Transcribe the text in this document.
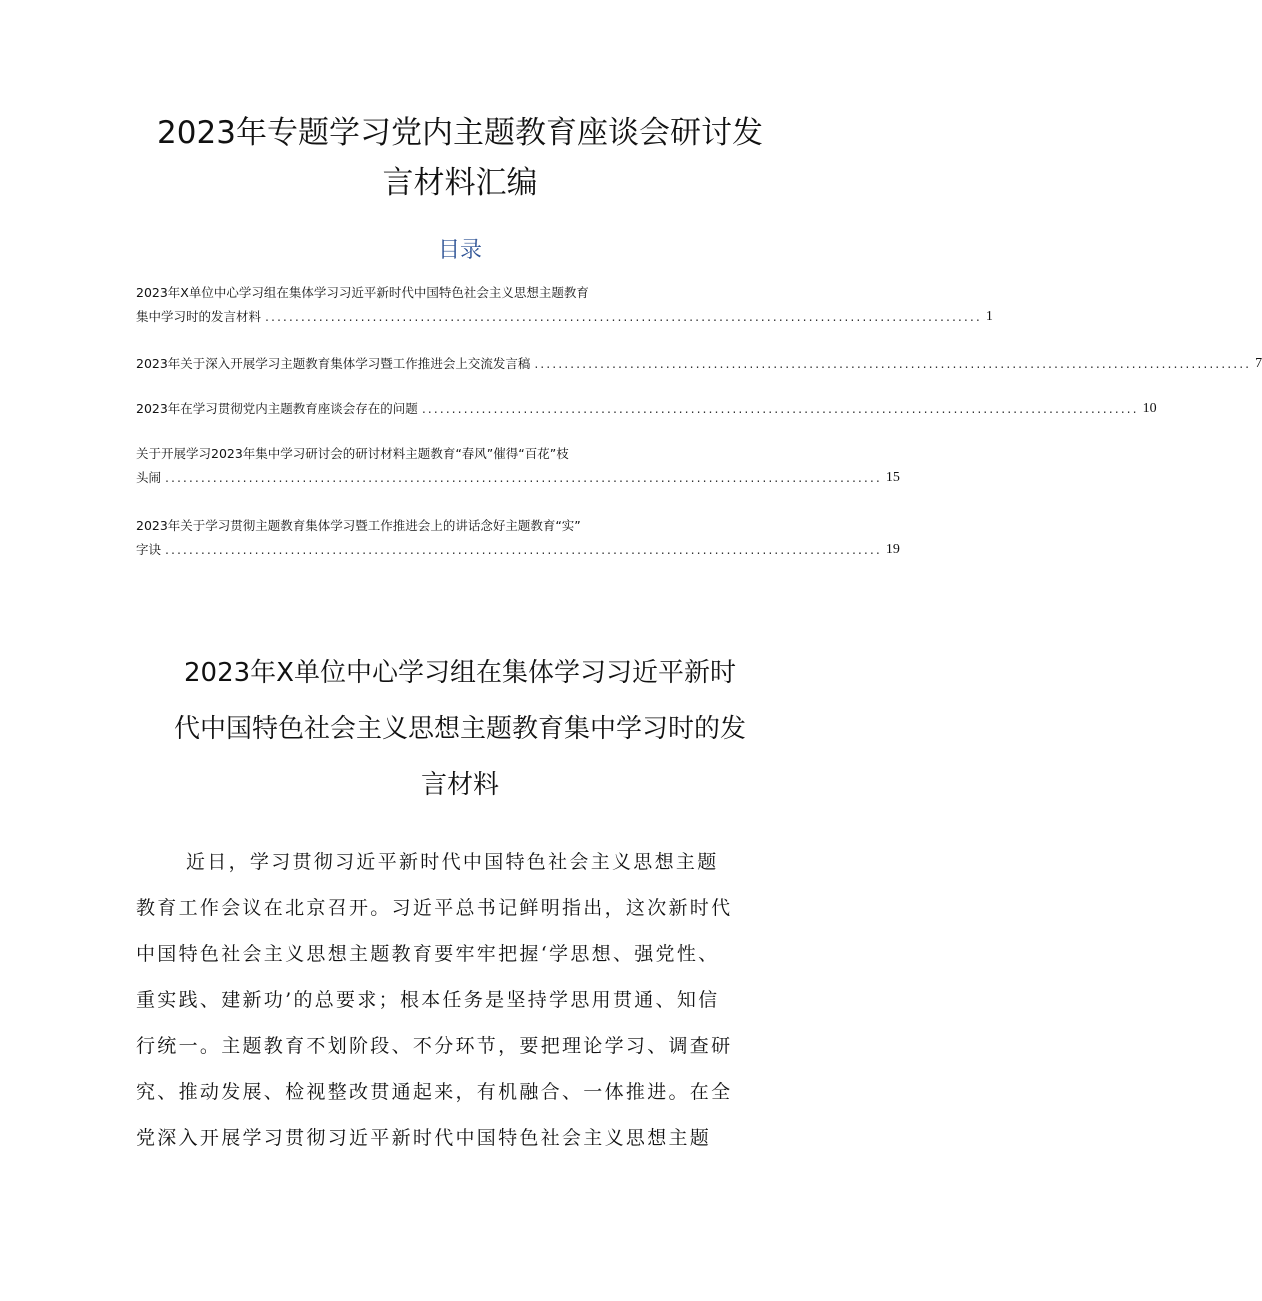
2023年专题学习党内主题教育座谈会研讨发
言材料汇编
目录
2023年X单位中心学习组在集体学习习近平新时代中国特色社会主义思想主题教育
集中学习时的发言材料 ........................................................................................................................ 1
2023年关于深入开展学习主题教育集体学习暨工作推进会上交流发言稿 ........................................................................................................................ 7
2023年在学习贯彻党内主题教育座谈会存在的问题 ........................................................................................................................ 10
关于开展学习2023年集中学习研讨会的研讨材料主题教育“春风”催得“百花”枝
头闹 ........................................................................................................................ 15
2023年关于学习贯彻主题教育集体学习暨工作推进会上的讲话念好主题教育“实”
字诀 ........................................................................................................................ 19
2023年X单位中心学习组在集体学习习近平新时
代中国特色社会主义思想主题教育集中学习时的发
言材料
近日，学习贯彻习近平新时代中国特色社会主义思想主题
教育工作会议在北京召开。习近平总书记鲜明指出，这次新时代
中国特色社会主义思想主题教育要牢牢把握‘学思想、强党性、
重实践、建新功’的总要求；根本任务是坚持学思用贯通、知信
行统一。主题教育不划阶段、不分环节，要把理论学习、调查研
究、推动发展、检视整改贯通起来，有机融合、一体推进。在全
党深入开展学习贯彻习近平新时代中国特色社会主义思想主题
